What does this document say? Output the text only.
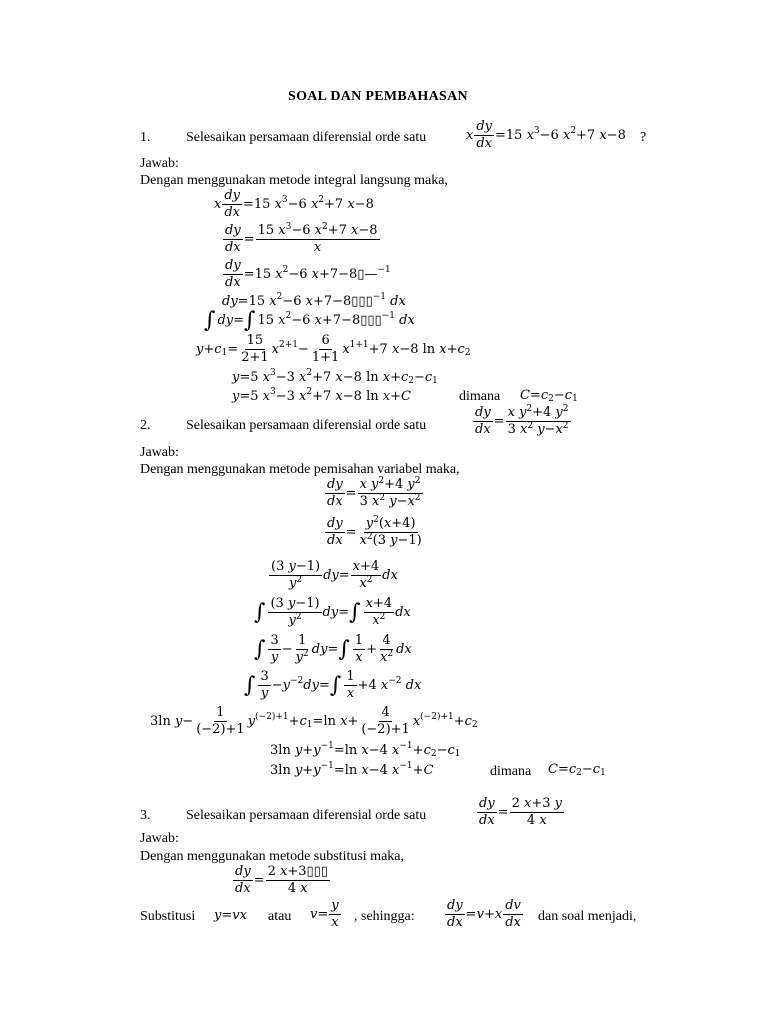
SOAL DAN PEMBAHASAN
1.	Selesaikan persamaan diferensial orde satu	x $\frac{dy}{dx} =15$ $x^3 -6$ $x^2 +7$ x −8 ?
Jawab:
Dengan menggunakan metode integral langsung maka,
x $\frac{dy}{dx} =15$ $x^3 -6$ $x^2 +7$ x −8
$\frac{dy}{dx} = \frac{15 x^3-6 x^2+7 x-8}{x}$
$\frac{dy}{dx} =15$ $x^2 -6$ x +7−8 ▯—$^{-1}$
dy =15 $x^2 -6$ x +7−8 ▯▯▯$^{-1}$ dx
∫ dy = ∫ 15 $x^2 -6$ x +7−8 ▯▯▯$^{-1}$ dx
$y + c_1 = \frac{15}{2+1} x^{2+1} - \frac{6}{1+1} x^{1+1} +7$ x −8
$\ln x + c_2$
y =5 $x^3 -3$ $x^2 +7$ x −8
$\ln x + c_2 - c_1$
y =5 $x^3 -3$ $x^2 +7$ x −8
ln x + C	dimana $C = c_2 - c_1$
2.	Selesaikan persamaan diferensial orde satu	$\frac{dy}{dx} = \frac{x y^2+4 y^2}{3 x^2 y-x^2}$
Jawab:
Dengan menggunakan metode pemisahan variabel maka,
$\frac{dy}{dx} = \frac{x y^2+4 y^2}{3 x^2 y-x^2}$
$\frac{dy}{dx} = \frac{y^2(x+4)}{x^2(3 y-1)}$
$\frac{(3 y-1)}{y^2}$ dy = $\frac{x+4}{x^2}$ dx
∫ $\frac{(3 y-1)}{y^2}$ dy = ∫ $\frac{x+4}{x^2}$ dx
∫ $\frac{3}{y} - \frac{1}{y^2}$ dy = ∫ $\frac{1}{x} + \frac{4}{x^2}$ dx
∫ $\frac{3}{y} - y^{-2}$ dy = ∫ $\frac{1}{x} +4$ $x^{-2}$ dx
3 $\ln y - \frac{1}{(-2)+1} y^{(-2)+1} + c_1 = \ln x + \frac{4}{(-2)+1} x^{(-2)+1} + c_2$
3 $\ln y + y^{-1} = \ln x -4$ $x^{-1} + c_2 - c_1$
3 $\ln y + y^{-1} = \ln x -4$ $x^{-1} + C$	dimana $C = c_2 - c_1$
3.	Selesaikan persamaan diferensial orde satu	$\frac{dy}{dx} = \frac{2 x+3 y}{4 x}$
Jawab:
Dengan menggunakan metode substitusi maka,
$\frac{dy}{dx} = \frac{2 x+3▯▯▯}{4 x}$
Substitusi y = vx atau $v = \frac{y}{x}$ , sehingga: $\frac{dy}{dx} = v + x \frac{dv}{dx}$ dan soal menjadi,
